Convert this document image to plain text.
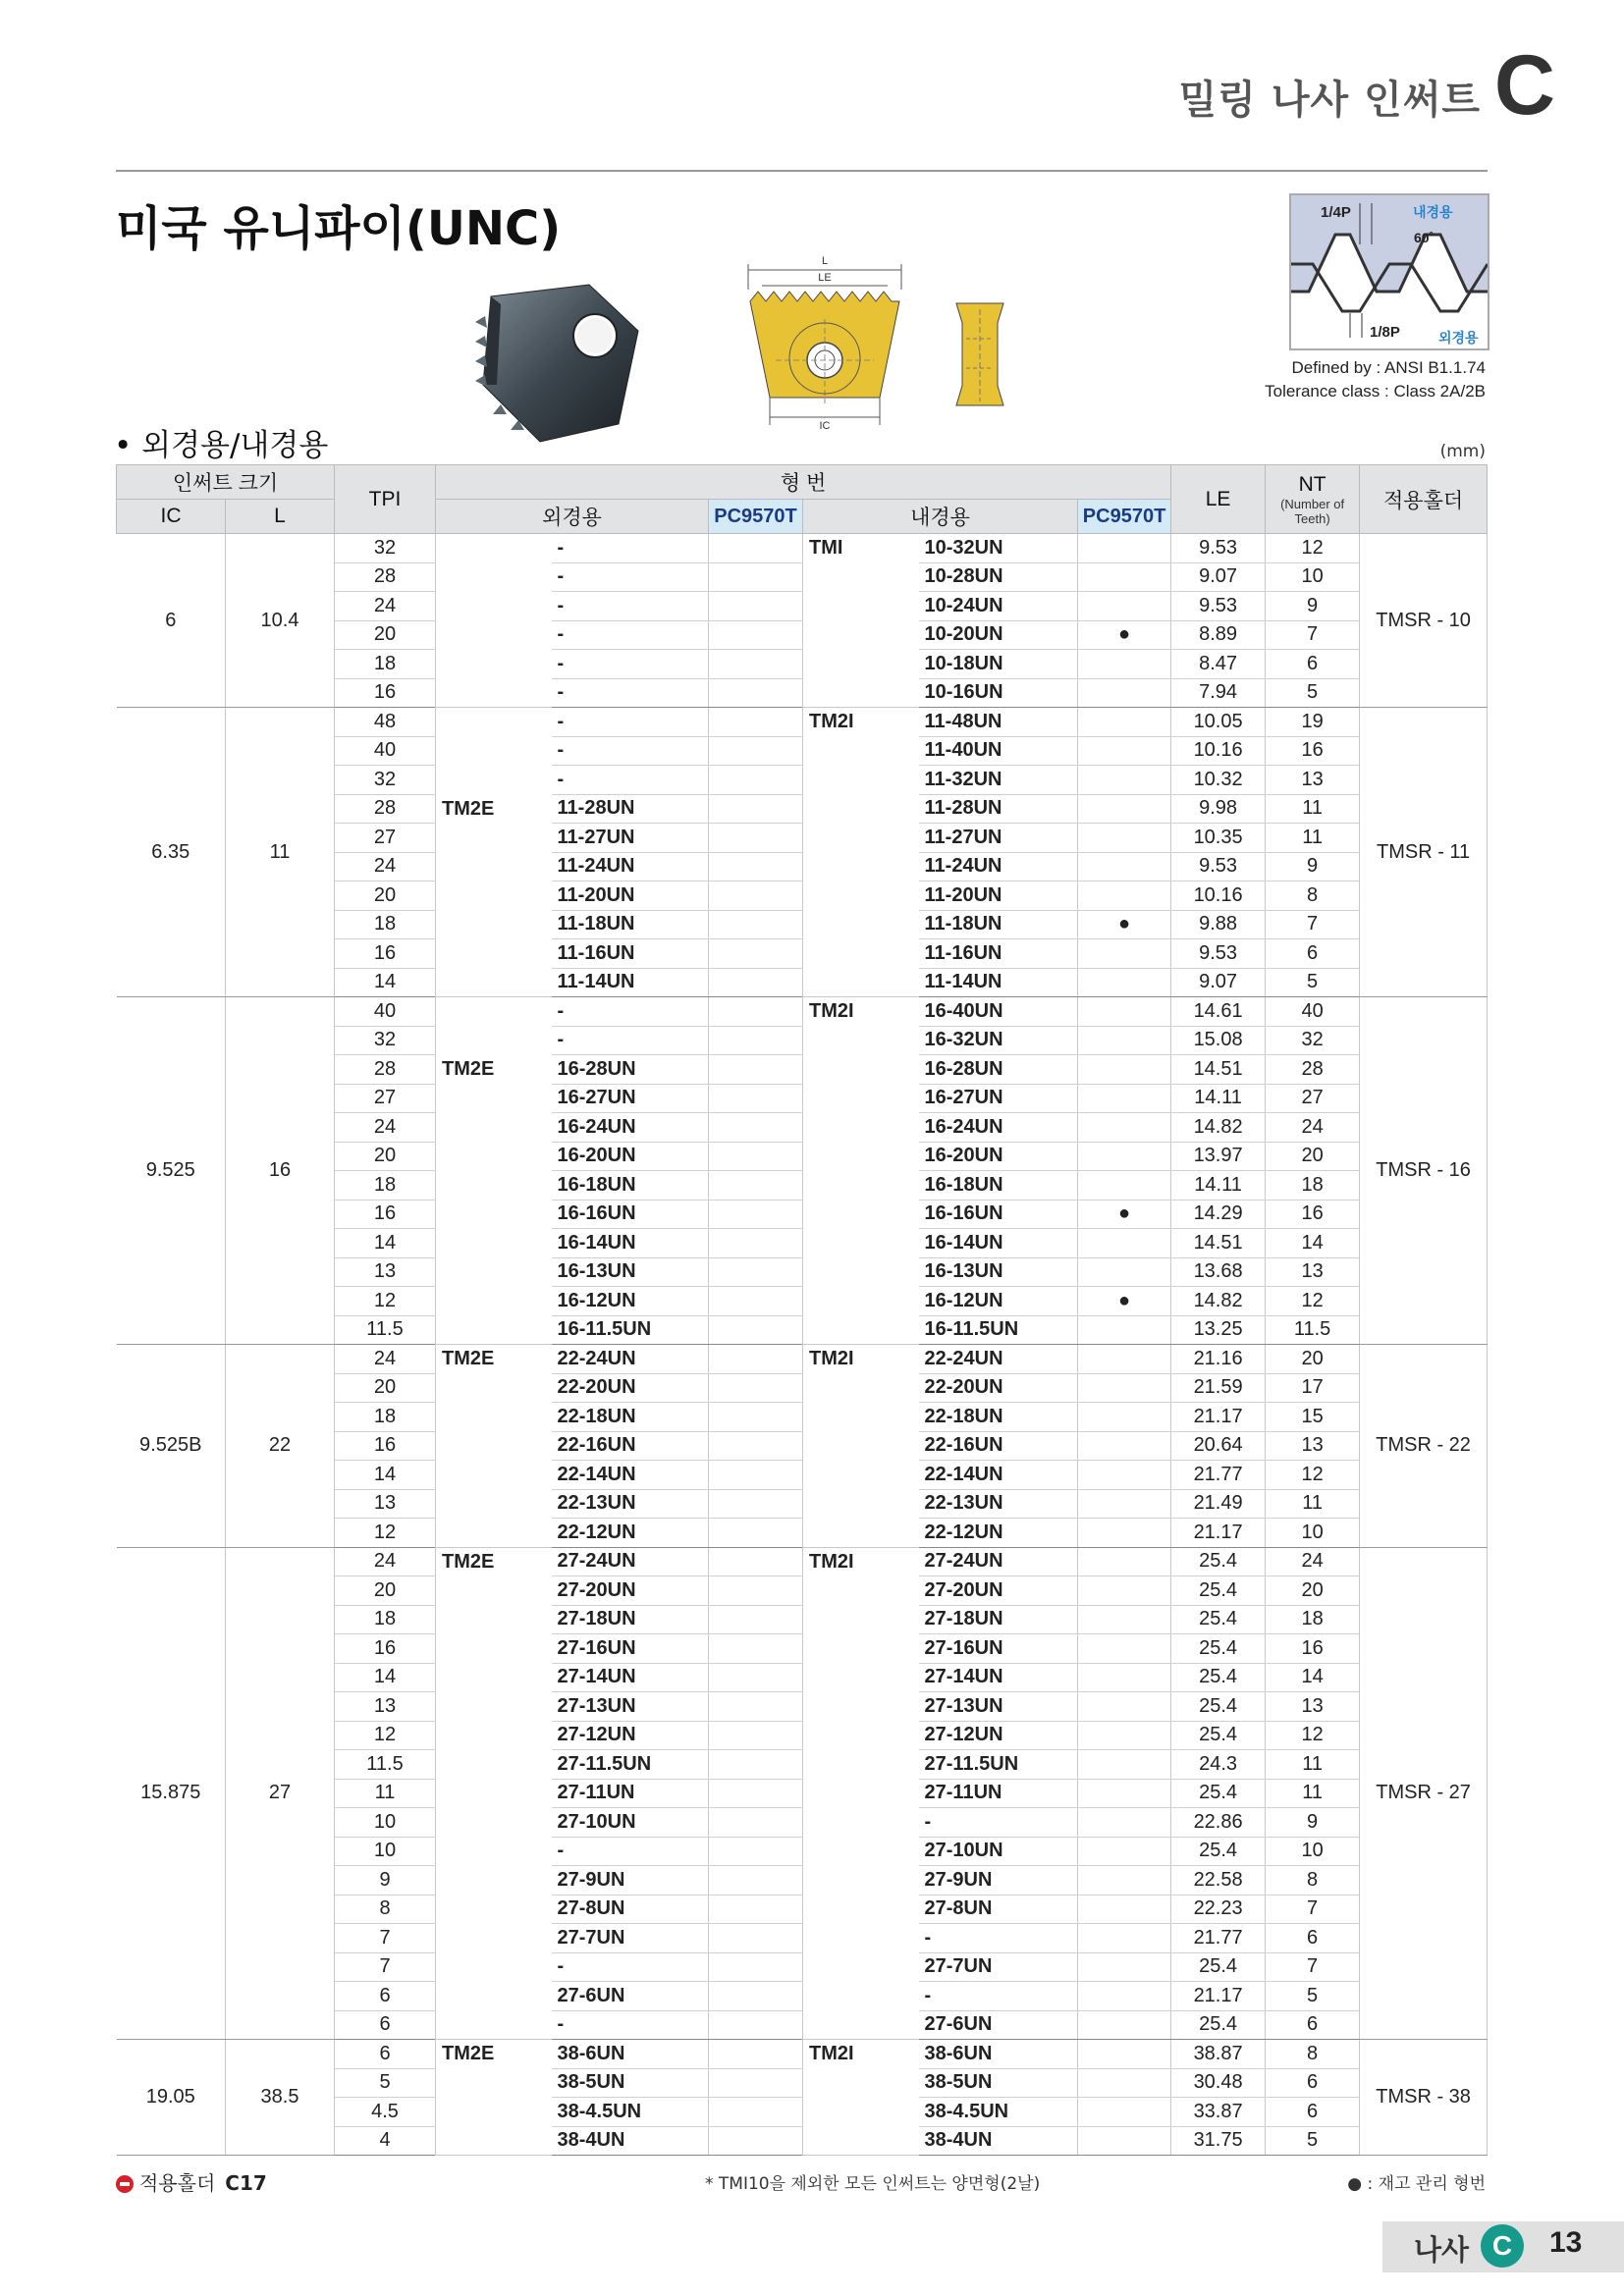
밀링 나사 인써트 C
미국 유니파이(UNC)
L
LE
IC
1/4P	내경용
60˚
1/8P	외경용
Defined by : ANSI B1.1.74
Tolerance class : Class 2A/2B
• 외경용/내경용	(mm)
인써트 크기		TPI	형 번						LE	NT
(Number of Teeth)	적용홀더
IC	L		외경용		PC9570T	내경용		PC9570T			
6	10.4	32		-		TMI	10-32UN		9.53	12	TMSR - 10
		28		-			10-28UN		9.07	10	
		24		-			10-24UN		9.53	9	
		20		-			10-20UN	●	8.89	7	
		18		-			10-18UN		8.47	6	
		16		-			10-16UN		7.94	5	
6.35	11	48	TM2E	-		TM2I	11-48UN		10.05	19	TMSR - 11
		40		-			11-40UN		10.16	16	
		32		-			11-32UN		10.32	13	
		28		11-28UN			11-28UN		9.98	11	
		27		11-27UN			11-27UN		10.35	11	
		24		11-24UN			11-24UN		9.53	9	
		20		11-20UN			11-20UN		10.16	8	
		18		11-18UN			11-18UN	●	9.88	7	
		16		11-16UN			11-16UN		9.53	6	
		14		11-14UN			11-14UN		9.07	5	
9.525	16	40	TM2E	-		TM2I	16-40UN		14.61	40	TMSR - 16
		32		-			16-32UN		15.08	32	
		28		16-28UN			16-28UN		14.51	28	
		27		16-27UN			16-27UN		14.11	27	
		24		16-24UN			16-24UN		14.82	24	
		20		16-20UN			16-20UN		13.97	20	
		18		16-18UN			16-18UN		14.11	18	
		16		16-16UN			16-16UN	●	14.29	16	
		14		16-14UN			16-14UN		14.51	14	
		13		16-13UN			16-13UN		13.68	13	
		12		16-12UN			16-12UN	●	14.82	12	
		11.5		16-11.5UN			16-11.5UN		13.25	11.5	
9.525B	22	24	TM2E	22-24UN		TM2I	22-24UN		21.16	20	TMSR - 22
		20		22-20UN			22-20UN		21.59	17	
		18		22-18UN			22-18UN		21.17	15	
		16		22-16UN			22-16UN		20.64	13	
		14		22-14UN			22-14UN		21.77	12	
		13		22-13UN			22-13UN		21.49	11	
		12		22-12UN			22-12UN		21.17	10	
15.875	27	24	TM2E	27-24UN		TM2I	27-24UN		25.4	24	TMSR - 27
		20		27-20UN			27-20UN		25.4	20	
		18		27-18UN			27-18UN		25.4	18	
		16		27-16UN			27-16UN		25.4	16	
		14		27-14UN			27-14UN		25.4	14	
		13		27-13UN			27-13UN		25.4	13	
		12		27-12UN			27-12UN		25.4	12	
		11.5		27-11.5UN			27-11.5UN		24.3	11	
		11		27-11UN			27-11UN		25.4	11	
		10		27-10UN			-		22.86	9	
		10		-			27-10UN		25.4	10	
		9		27-9UN			27-9UN		22.58	8	
		8		27-8UN			27-8UN		22.23	7	
		7		27-7UN			-		21.77	6	
		7		-			27-7UN		25.4	7	
		6		27-6UN			-		21.17	5	
		6		-			27-6UN		25.4	6	
19.05	38.5	6	TM2E	38-6UN		TM2I	38-6UN		38.87	8	TMSR - 38
		5		38-5UN			38-5UN		30.48	6	
		4.5		38-4.5UN			38-4.5UN		33.87	6	
		4		38-4UN			38-4UN		31.75	5	
적용홀더 C17	* TMI10을 제외한 모든 인써트는 양면형(2날)	● : 재고 관리 형번
나사 C	13
